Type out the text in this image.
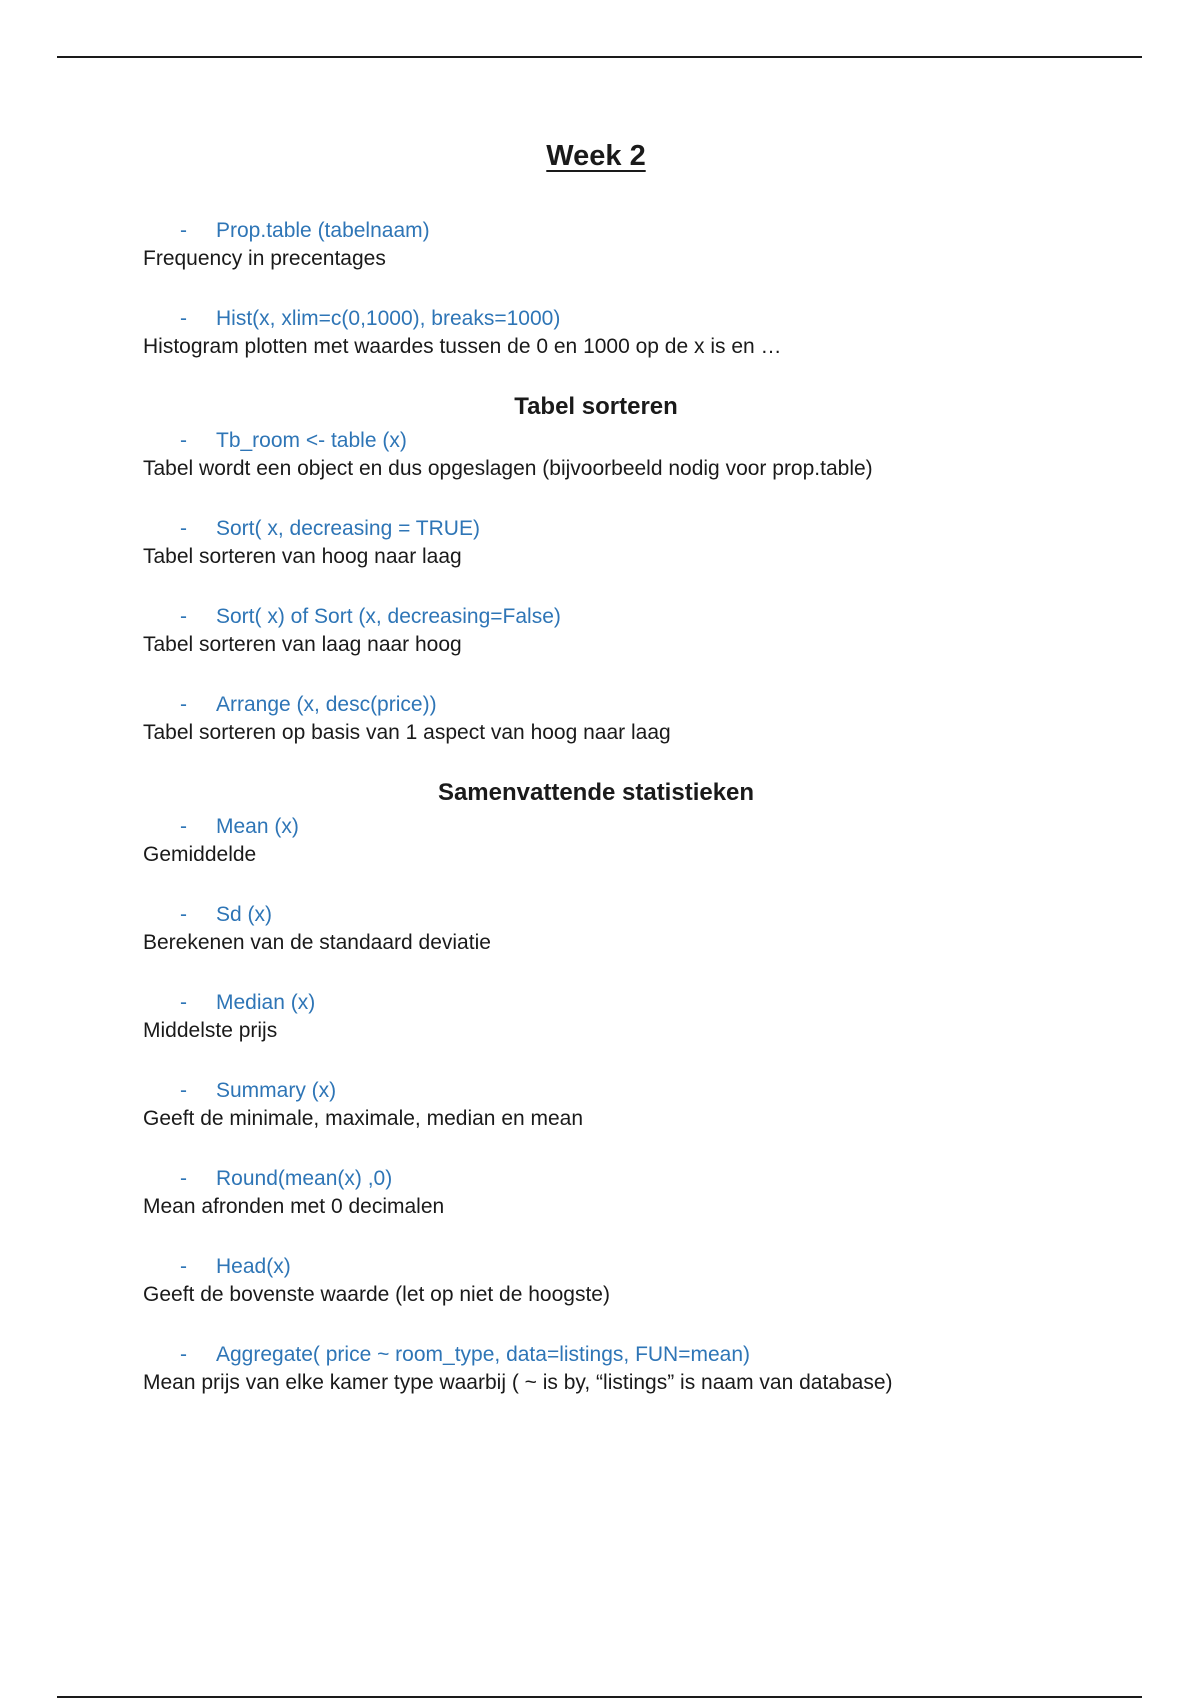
Week 2
- Prop.table (tabelnaam)
Frequency in precentages
- Hist(x, xlim=c(0,1000), breaks=1000)
Histogram plotten met waardes tussen de 0 en 1000 op de x is en …
Tabel sorteren
- Tb_room <- table (x)
Tabel wordt een object en dus opgeslagen (bijvoorbeeld nodig voor prop.table)
- Sort( x, decreasing = TRUE)
Tabel sorteren van hoog naar laag
- Sort( x) of Sort (x, decreasing=False)
Tabel sorteren van laag naar hoog
- Arrange (x, desc(price))
Tabel sorteren op basis van 1 aspect van hoog naar laag
Samenvattende statistieken
- Mean (x)
Gemiddelde
- Sd (x)
Berekenen van de standaard deviatie
- Median (x)
Middelste prijs
- Summary (x)
Geeft de minimale, maximale, median en mean
- Round(mean(x) ,0)
Mean afronden met 0 decimalen
- Head(x)
Geeft de bovenste waarde (let op niet de hoogste)
- Aggregate( price ~ room_type, data=listings, FUN=mean)
Mean prijs van elke kamer type waarbij ( ~ is by, “listings” is naam van database)
